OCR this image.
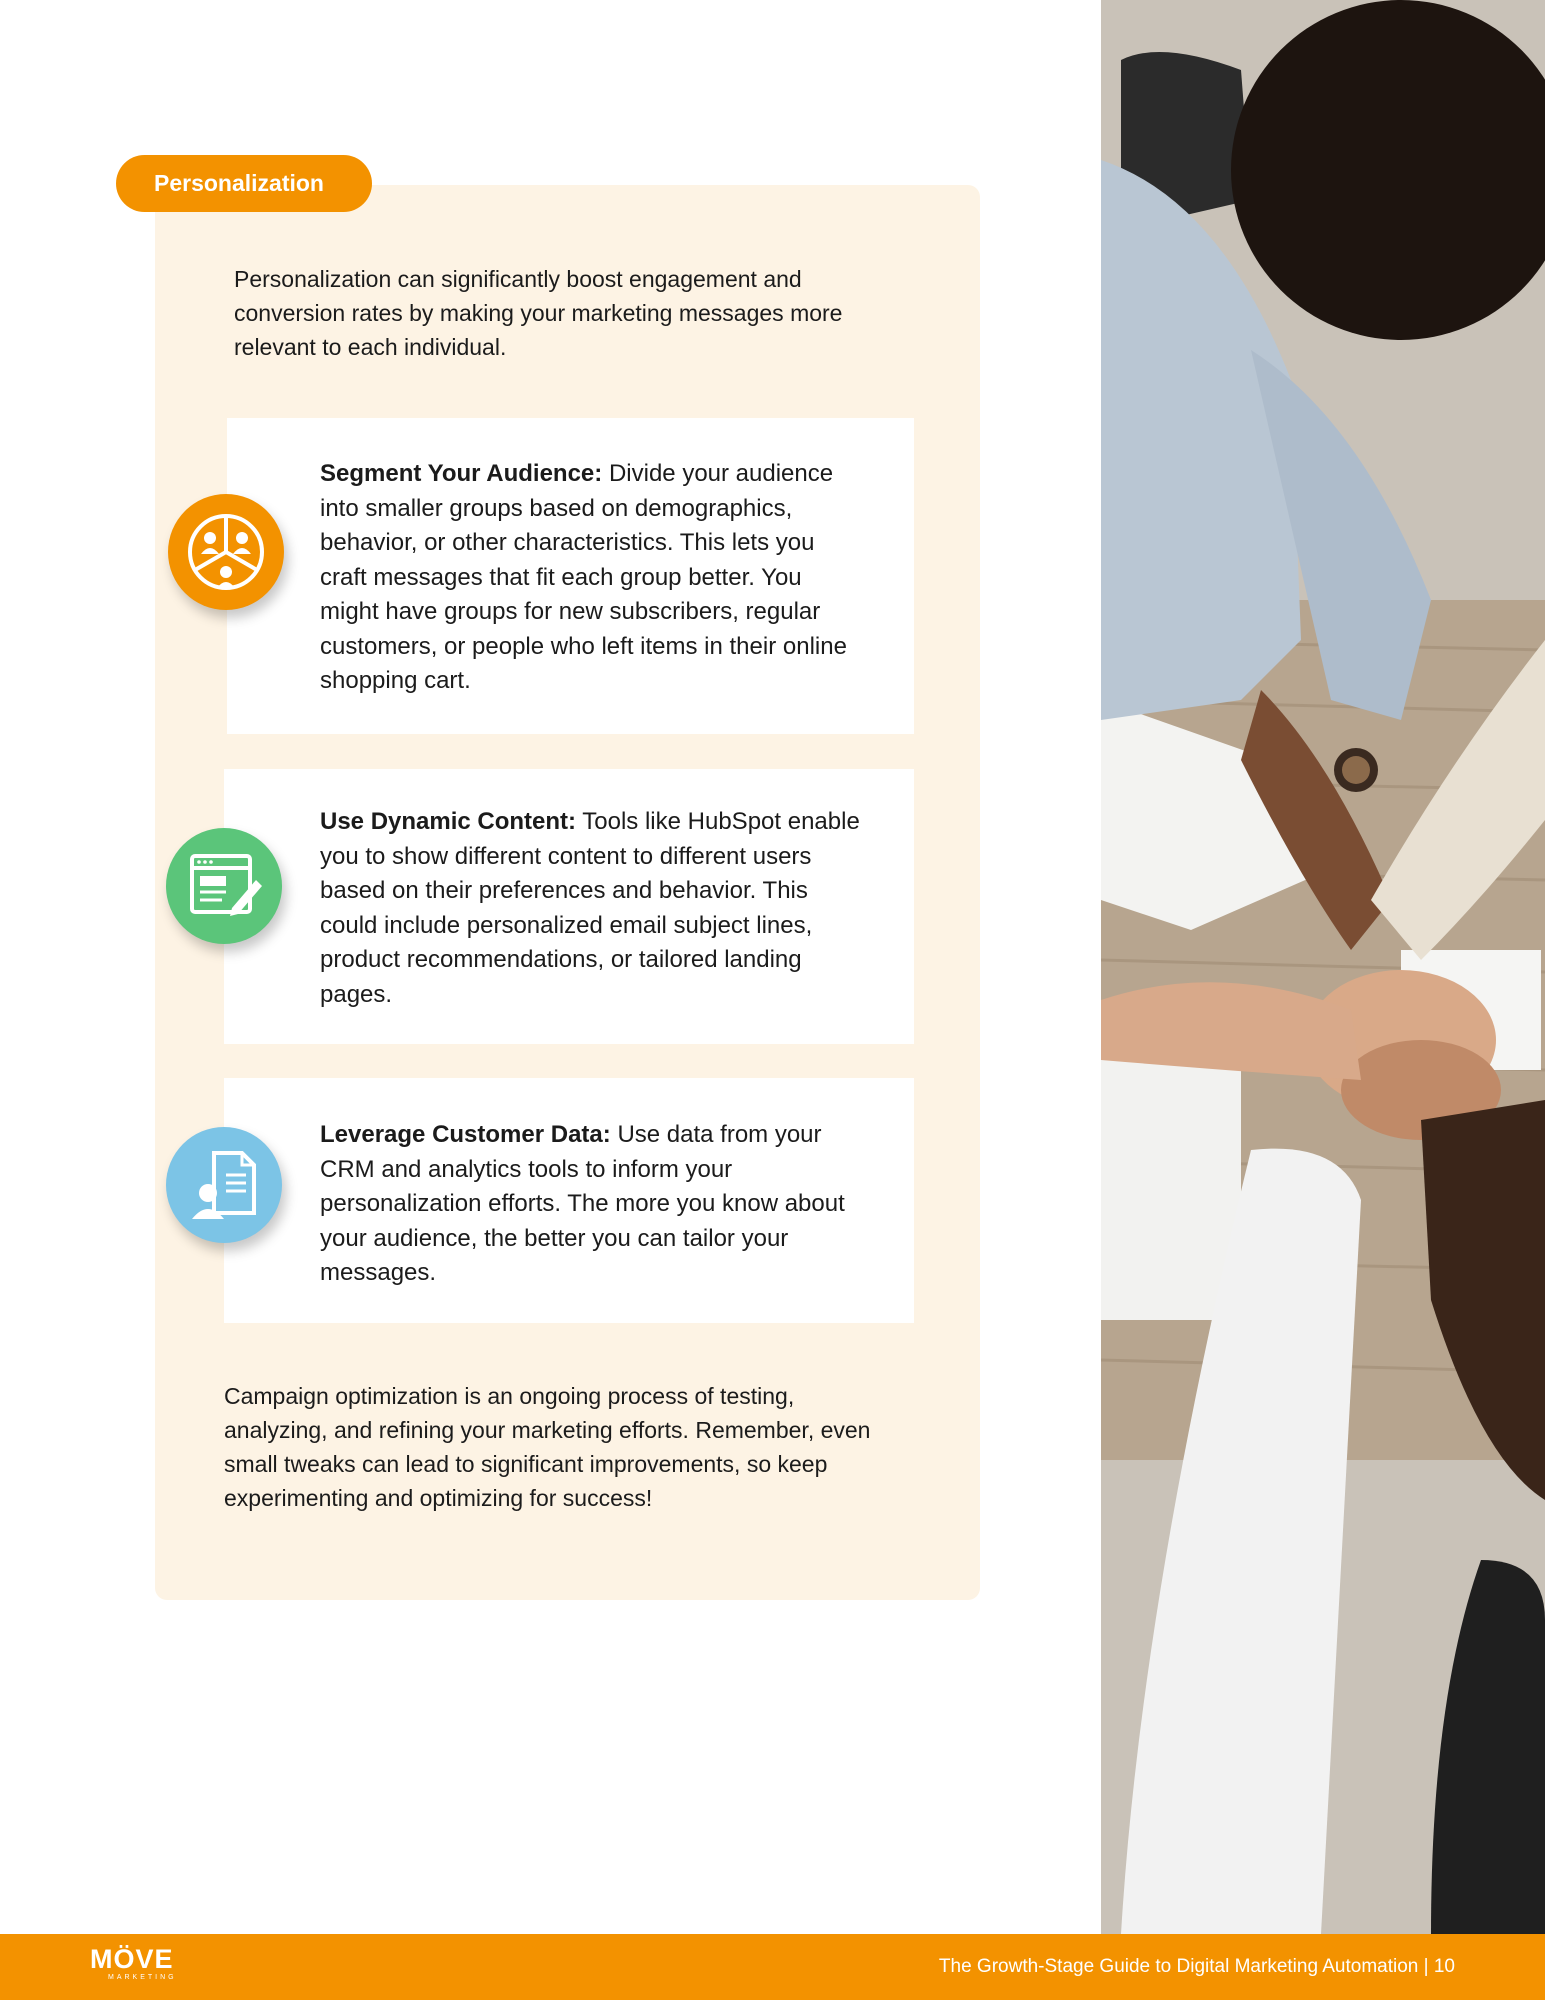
Personalization

Personalization can significantly boost engagement and conversion rates by making your marketing messages more relevant to each individual.

Segment Your Audience: Divide your audience into smaller groups based on demographics, behavior, or other characteristics. This lets you craft messages that fit each group better. You might have groups for new subscribers, regular customers, or people who left items in their online shopping cart.

Use Dynamic Content: Tools like HubSpot enable you to show different content to different users based on their preferences and behavior. This could include personalized email subject lines, product recommendations, or tailored landing pages.

Leverage Customer Data: Use data from your CRM and analytics tools to inform your personalization efforts. The more you know about your audience, the better you can tailor your messages.

Campaign optimization is an ongoing process of testing, analyzing, and refining your marketing efforts. Remember, even small tweaks can lead to significant improvements, so keep experimenting and optimizing for success!

MÖVE
MARKETING
The Growth-Stage Guide to Digital Marketing Automation | 10
